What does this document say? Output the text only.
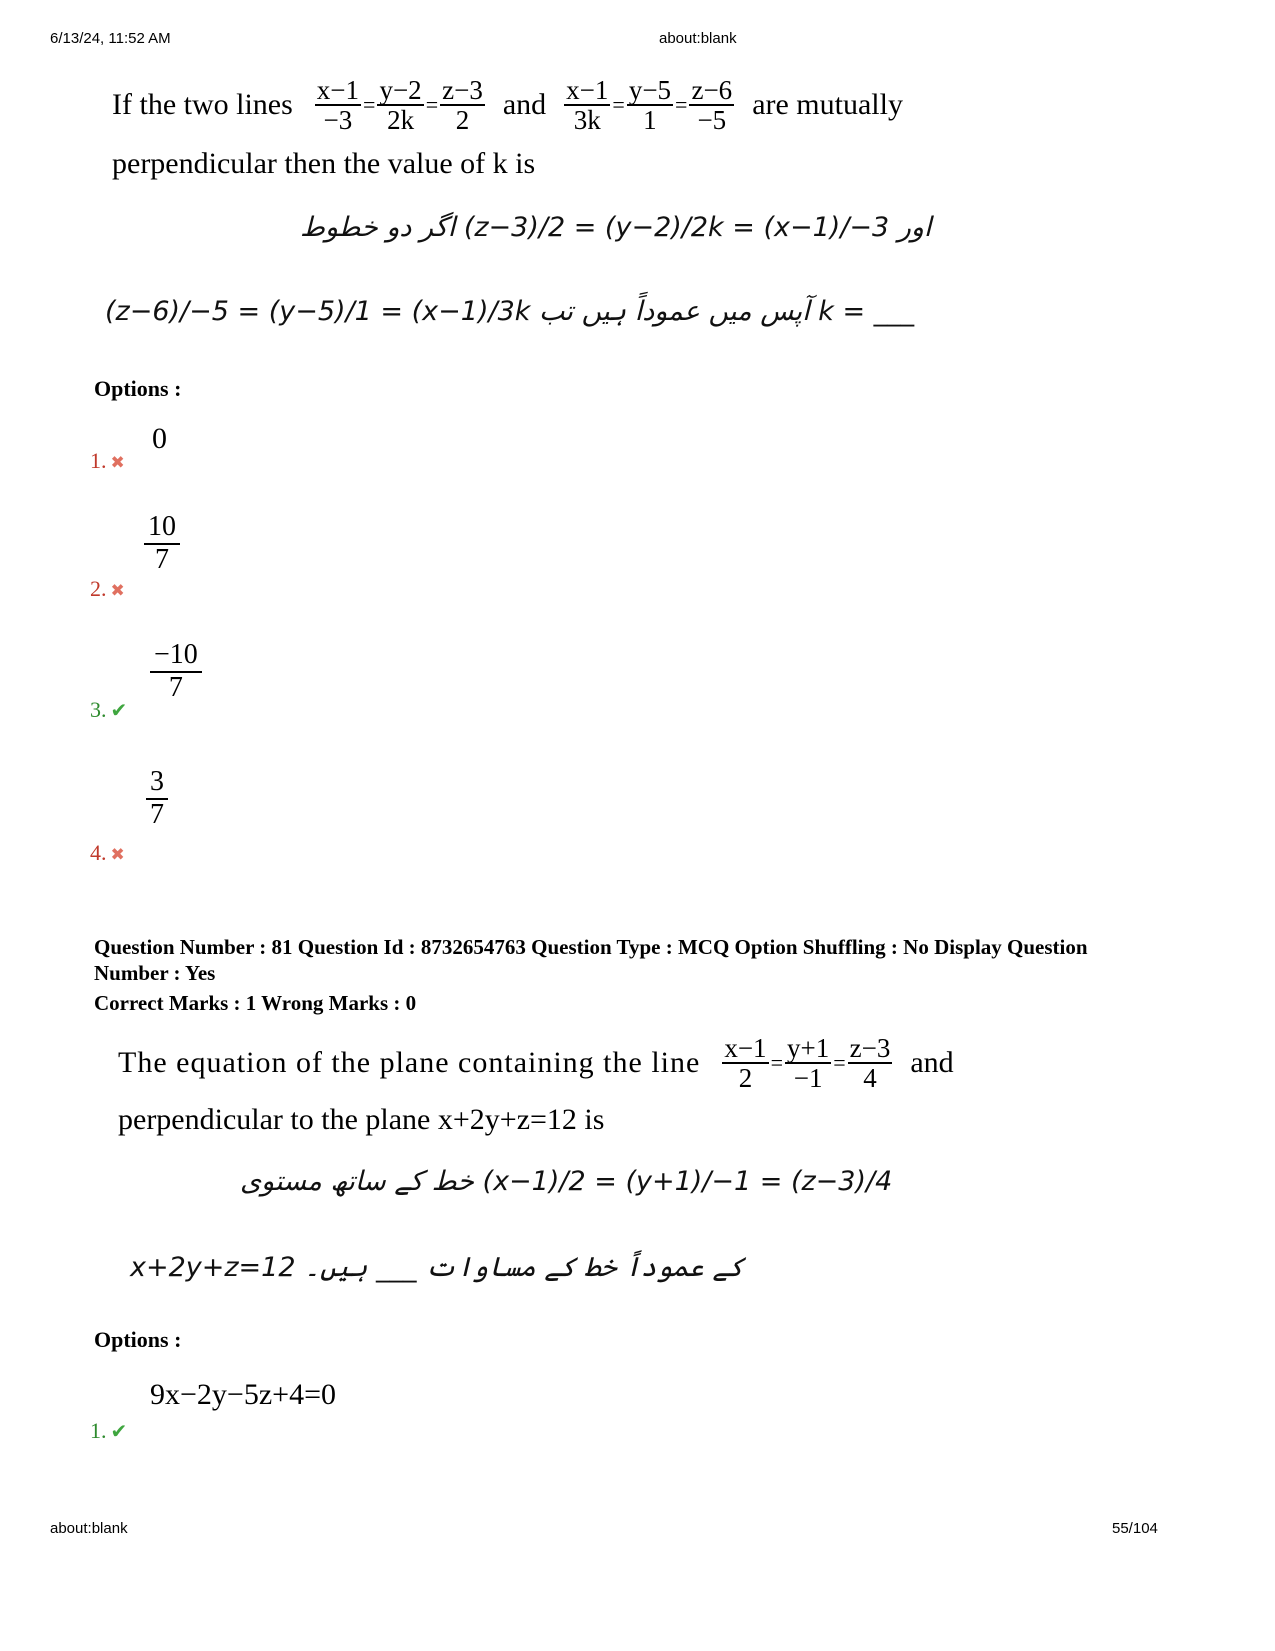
6/13/24, 11:52 AM	about:blank
If the two lines $\frac{x-1}{-3} = \frac{y-2}{2k} = \frac{z-3}{2}$ and $\frac{x-1}{3k} = \frac{y-5}{1} = \frac{z-6}{-5}$ are mutually
perpendicular then the value of k is
اگر دو خطوط (z−3)/2 = (y−2)/2k = (x−1)/−3 اور
(z−6)/−5 = (y−5)/1 = (x−1)/3k آپس میں عموداً ہیں تب k = ___
Options :
1. ✖
0
2. ✖
$\frac{10}{7}$
3. ✔
$\frac{-10}{7}$
4. ✖
$\frac{3}{7}$
Question Number : 81 Question Id : 8732654763 Question Type : MCQ Option Shuffling : No Display Question
Number : Yes
Correct Marks : 1 Wrong Marks : 0
The equation of the plane containing the line $\frac{x-1}{2} = \frac{y+1}{-1} = \frac{z-3}{4}$ and
perpendicular to the plane x+2y+z=12 is
خط کے ساتھ مستوی (x−1)/2 = (y+1)/−1 = (z−3)/4
x+2y+z=12 کے عموداً خط کے مساوات ___ ہیں۔
Options :
1. ✔
9x−2y−5z+4=0
about:blank	55/104
